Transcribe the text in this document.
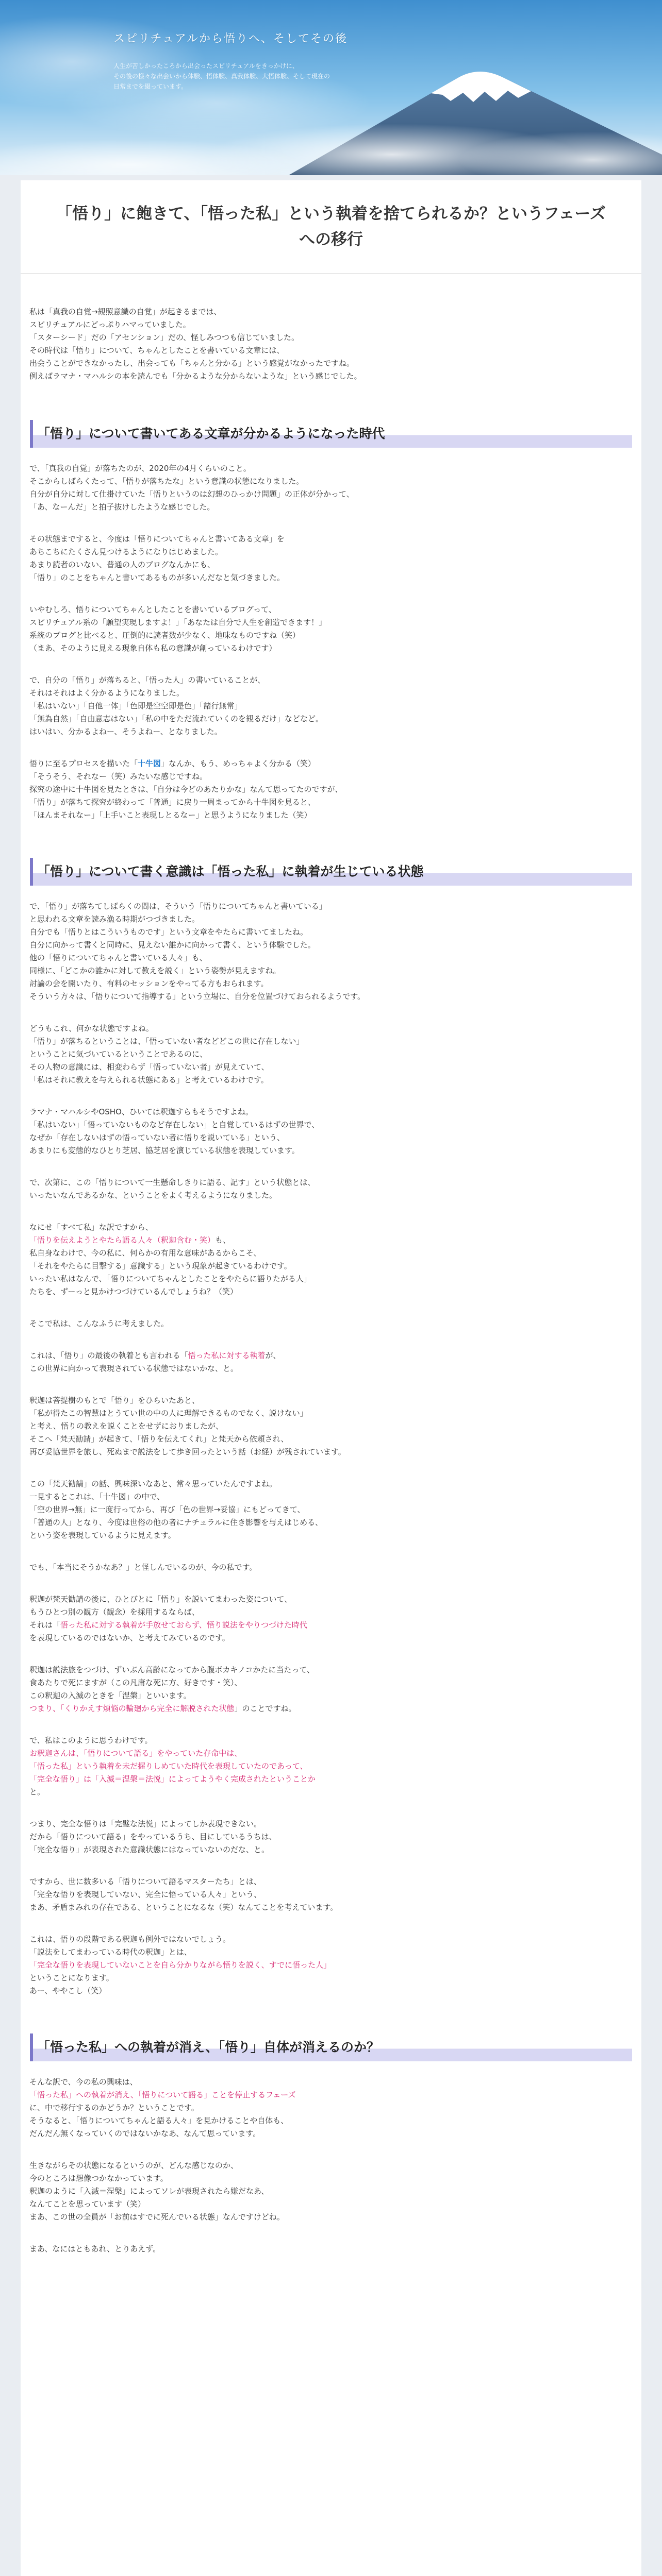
スピリチュアルから悟りへ、そしてその後

人生が苦しかったころから出会ったスピリチュアルをきっかけに、

その後の様々な出会いから体験、悟体験、真我体験、大悟体験、そして現在の

日常までを綴っています。

「悟り」に飽きて、「悟った私」という執着を捨てられるか？というフェーズへの移行

私は「真我の自覚→観照意識の自覚」が起きるまでは、
スピリチュアルにどっぷりハマっていました。
「スターシード」だの「アセンション」だの、怪しみつつも信じていました。
その時代は「悟り」について、ちゃんとしたことを書いている文章には、
出会うことができなかったし、出会っても「ちゃんと分かる」という感覚がなかったですね。
例えばラマナ・マハルシの本を読んでも「分かるような分からないような」という感じでした。

「悟り」について書いてある文章が分かるようになった時代

で、「真我の自覚」が落ちたのが、2020年の4月くらいのこと。
そこからしばらくたって、「悟りが落ちたな」という意識の状態になりました。
自分が自分に対して仕掛けていた「悟りというのは幻想のひっかけ問題」の正体が分かって、
「あ、なーんだ」と拍子抜けしたような感じでした。

その状態まですると、今度は「悟りについてちゃんと書いてある文章」を
あちこちにたくさん見つけるようになりはじめました。
あまり読者のいない、普通の人のブログなんかにも、
「悟り」のことをちゃんと書いてあるものが多いんだなと気づきました。

いやむしろ、悟りについてちゃんとしたことを書いているブログって、
スピリチュアル系の「願望実現しますよ！」「あなたは自分で人生を創造できます！」
系統のブログと比べると、圧倒的に読者数が少なく、地味なものですね（笑）
（まあ、そのように見える現象自体も私の意識が創っているわけです）

で、自分の「悟り」が落ちると、「悟った人」の書いていることが、
それはそれはよく分かるようになりました。
「私はいない」「自他一体」「色即是空空即是色」「諸行無常」
「無為自然」「自由意志はない」「私の中をただ流れていくのを観るだけ」などなど。
はいはい、分かるよねー、そうよねー、となりました。

悟りに至るプロセスを描いた「十牛図」なんか、もう、めっちゃよく分かる（笑）
「そうそう、それなー（笑）みたいな感じですね。
探究の途中に十牛図を見たときは、「自分は今どのあたりかな」なんて思ってたのですが、
「悟り」が落ちて探究が終わって「普通」に戻り一周まってから十牛図を見ると、
「ほんまそれなー」「上手いこと表現しとるなー」と思うようになりました（笑）

「悟り」について書く意識は「悟った私」に執着が生じている状態

で、「悟り」が落ちてしばらくの間は、そういう「悟りについてちゃんと書いている」
と思われる文章を読み漁る時期がつづきました。
自分でも「悟りとはこういうものです」という文章をやたらに書いてましたね。
自分に向かって書くと同時に、見えない誰かに向かって書く、という体験でした。
他の「悟りについてちゃんと書いている人々」も、
同様に、「どこかの誰かに対して教えを説く」という姿勢が見えますね。
討論の会を開いたり、有料のセッションをやってる方もおられます。
そういう方々は、「悟りについて指導する」という立場に、自分を位置づけておられるようです。

どうもこれ、何かな状態ですよね。
「悟り」が落ちるということは、「悟っていない者などどこの世に存在しない」
ということに気づいているということであるのに、
その人物の意識には、相変わらず「悟っていない者」が見えていて、
「私はそれに教えを与えられる状態にある」と考えているわけです。

ラマナ・マハルシやOSHO、ひいては釈迦すらもそうですよね。
「私はいない」「悟っていないものなど存在しない」と自覚しているはずの世界で、
なぜか「存在しないはずの悟っていない者に悟りを説いている」という、
あまりにも変態的なひとり芝居、協芝居を演じている状態を表現しています。

で、次第に、この「悟りについて一生懸命しきりに語る、記す」という状態とは、
いったいなんであるかな、ということをよく考えるようになりました。

なにせ「すべて私」な訳ですから、
「悟りを伝えようとやたら語る人々（釈迦含む・笑）も、
私自身なわけで、今の私に、何らかの有用な意味があるからこそ、
「それをやたらに目撃する」意識する」という現象が起きているわけです。
いったい私はなんで、「悟りについてちゃんとしたことをやたらに語りたがる人」
たちを、ずーっと見かけつづけているんでしょうね？（笑）

そこで私は、こんなふうに考えました。

これは、「悟り」の最後の執着とも言われる「悟った私に対する執着が、
この世界に向かって表現されている状態ではないかな、と。

釈迦は菩提樹のもとで「悟り」をひらいたあと、
「私が得たこの智慧はとうてい世の中の人に理解できるものでなく、説けない」
と考え、悟りの教えを説くことをせずにおりましたが、
そこへ「梵天勧請」が起きて、「悟りを伝えてくれ」と梵天から依頼され、
再び妥協世界を旅し、死ぬまで説法をして歩き回ったという話（お経）が残されています。

この「梵天勧請」の話、興味深いなあと、常々思っていたんですよね。
一見するとこれは、「十牛図」の中で、
「空の世界→無」に一度行ってから、再び「色の世界→妥協」にもどってきて、
「普通の人」となり、今度は世俗の他の者にナチュラルに住き影響を与えはじめる、
という姿を表現しているように見えます。

でも、「本当にそうかなあ？」と怪しんでいるのが、今の私です。

釈迦が梵天勧請の後に、ひとびとに「悟り」を説いてまわった姿について、
もうひとつ別の観方（観念）を採用するならば、
それは「悟った私に対する執着が手放せておらず、悟り説法をやりつづけた時代
を表現しているのではないか、と考えてみているのです。

釈迦は説法旅をつづけ、ずいぶん高齢になってから腹ボカキノコかたに当たって、
食あたりで死にますが（この凡庸な死に方、好きです・笑）、
この釈迦の入滅のときを「涅槃」といいます。
つまり、「くりかえす煩悩の輪廻から完全に解脱された状態」のことですね。

で、私はこのように思うわけです。
お釈迦さんは、「悟りについて語る」をやっていた存命中は、
「悟った私」という執着を未だ握りしめていた時代を表現していたのであって、
「完全な悟り」は「入滅＝涅槃＝法悦」によってようやく完成されたということか
と。

つまり、完全な悟りは「完璧な法悦」によってしか表現できない。
だから「悟りについて語る」をやっているうち、目にしているうちは、
「完全な悟り」が表現された意識状態にはなっていないのだな、と。

ですから、世に数多いる「悟りについて語るマスターたち」とは、
「完全な悟りを表現していない、完全に悟っている人々」という、
まあ、矛盾まみれの存在である、ということになるな（笑）なんてことを考えています。

これは、悟りの段階である釈迦も例外ではないでしょう。
「説法をしてまわっている時代の釈迦」とは、
「完全な悟りを表現していないことを自ら分かりながら悟りを説く、すでに悟った人」
ということになります。
あー、ややこし（笑）

「悟った私」への執着が消え、「悟り」自体が消えるのか？

そんな訳で、今の私の興味は、
「悟った私」への執着が消え、「悟りについて語る」ことを停止するフェーズ
に、中で移行するのかどうか？ということです。
そうなると、「悟りについてちゃんと語る人々」を見かけることや自体も、
だんだん無くなっていくのではないかなあ、なんて思っています。

生きながらその状態になるというのが、どんな感じなのか、
今のところは想像つかなかっています。
釈迦のように「入滅＝涅槃」によってソレが表現されたら嫌だなあ、
なんてことを思っています（笑）
まあ、この世の全員が「お前はすでに死んでいる状態」なんですけどね。

まあ、なにはともあれ、とりあえず。
